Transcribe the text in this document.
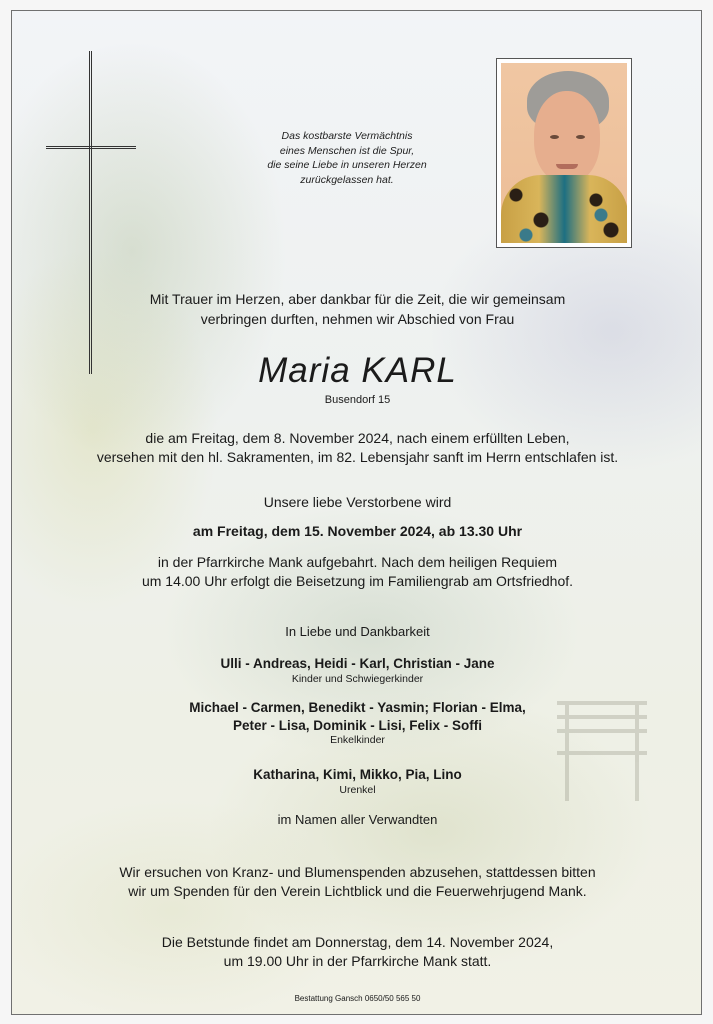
Das kostbarste Vermächtnis
eines Menschen ist die Spur,
die seine Liebe in unseren Herzen
zurückgelassen hat.
Mit Trauer im Herzen, aber dankbar für die Zeit, die wir gemeinsam
verbringen durften, nehmen wir Abschied von Frau
Maria KARL
Busendorf 15
die am Freitag, dem 8. November 2024, nach einem erfüllten Leben,
versehen mit den hl. Sakramenten, im 82. Lebensjahr sanft im Herrn entschlafen ist.
Unsere liebe Verstorbene wird
am Freitag, dem 15. November 2024, ab 13.30 Uhr
in der Pfarrkirche Mank aufgebahrt. Nach dem heiligen Requiem
um 14.00 Uhr erfolgt die Beisetzung im Familiengrab am Ortsfriedhof.
In Liebe und Dankbarkeit
Ulli - Andreas, Heidi - Karl, Christian - Jane
Kinder und Schwiegerkinder
Michael - Carmen, Benedikt - Yasmin; Florian - Elma,
Peter - Lisa, Dominik - Lisi, Felix - Soffi
Enkelkinder
Katharina, Kimi, Mikko, Pia, Lino
Urenkel
im Namen aller Verwandten
Wir ersuchen von Kranz- und Blumenspenden abzusehen, stattdessen bitten
wir um Spenden für den Verein Lichtblick und die Feuerwehrjugend Mank.
Die Betstunde findet am Donnerstag, dem 14. November 2024,
um 19.00 Uhr in der Pfarrkirche Mank statt.
Bestattung Gansch 0650/50 565 50
